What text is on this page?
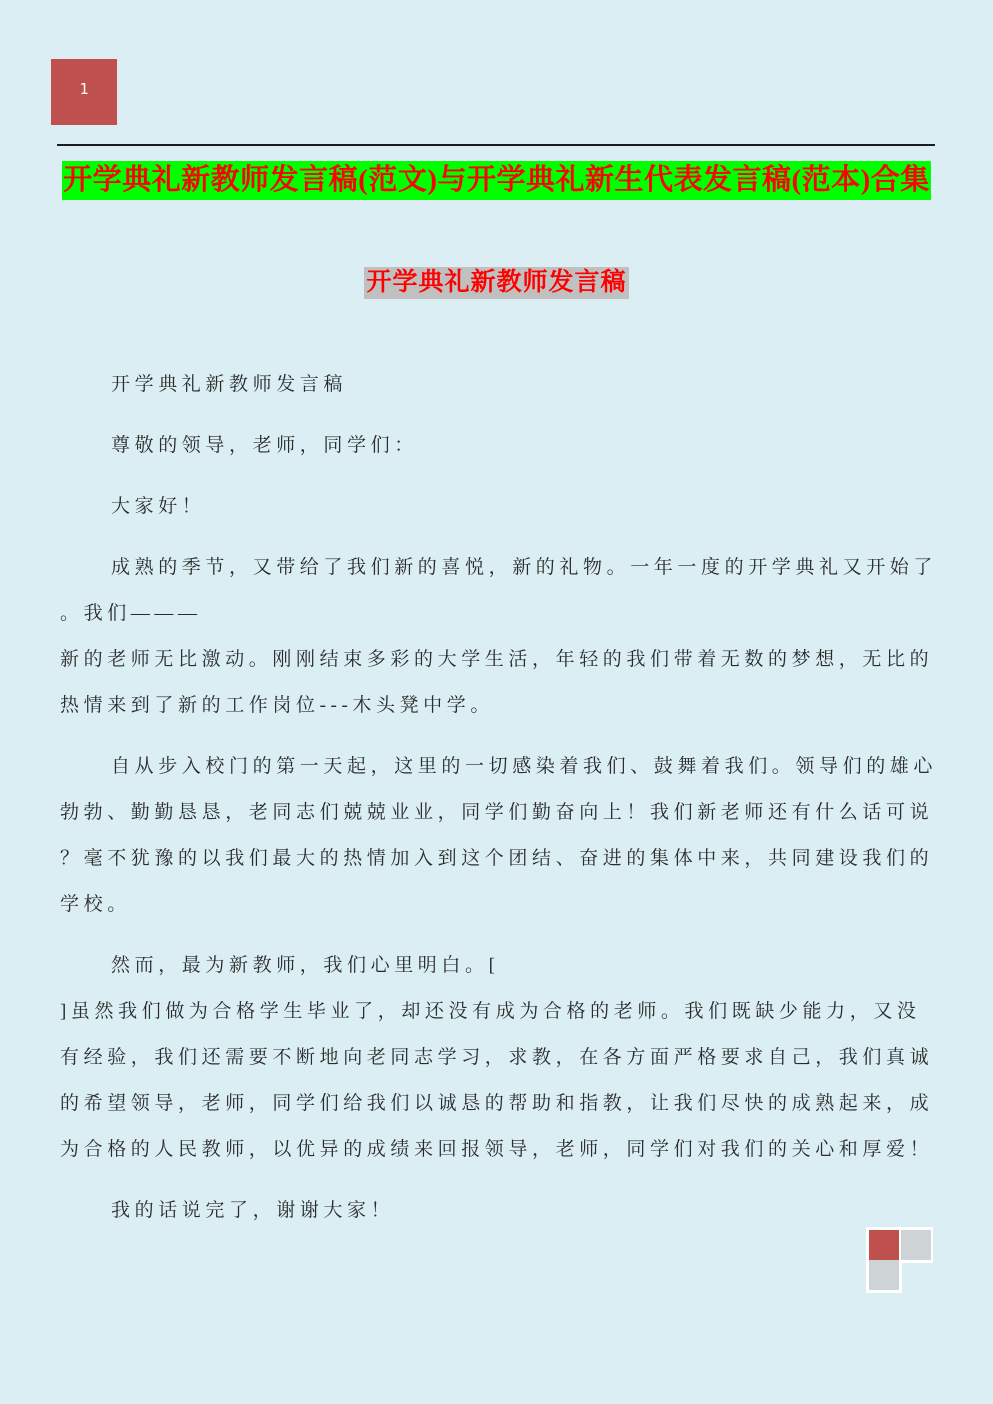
1
开学典礼新教师发言稿(范文)与开学典礼新生代表发言稿(范本)合集
开学典礼新教师发言稿
开学典礼新教师发言稿
尊敬的领导，老师，同学们：
大家好！
成熟的季节，又带给了我们新的喜悦，新的礼物。一年一度的开学典礼又开始了
。我们———
新的老师无比激动。刚刚结束多彩的大学生活，年轻的我们带着无数的梦想，无比的
热情来到了新的工作岗位---木头凳中学。
自从步入校门的第一天起，这里的一切感染着我们、鼓舞着我们。领导们的雄心
勃勃、勤勤恳恳，老同志们兢兢业业，同学们勤奋向上！我们新老师还有什么话可说
？毫不犹豫的以我们最大的热情加入到这个团结、奋进的集体中来，共同建设我们的
学校。
然而，最为新教师，我们心里明白。[
]虽然我们做为合格学生毕业了，却还没有成为合格的老师。我们既缺少能力，又没
有经验，我们还需要不断地向老同志学习，求教，在各方面严格要求自己，我们真诚
的希望领导，老师，同学们给我们以诚恳的帮助和指教，让我们尽快的成熟起来，成
为合格的人民教师，以优异的成绩来回报领导，老师，同学们对我们的关心和厚爱！
我的话说完了，谢谢大家！
